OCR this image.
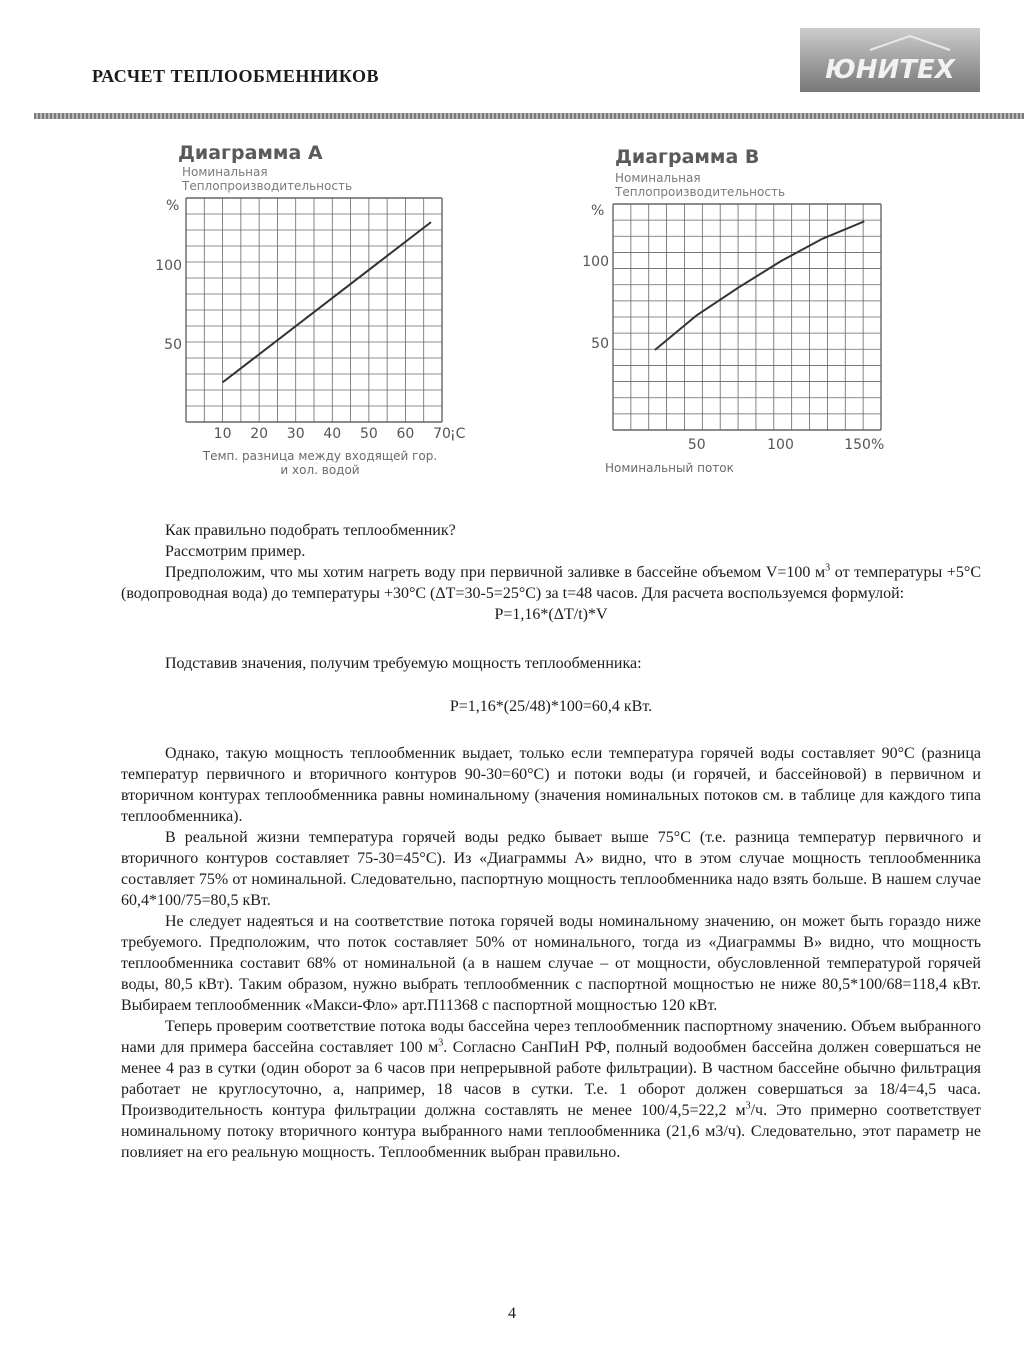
РАСЧЕТ ТЕПЛООБМЕННИКОВ	ЮНИТЕХ
Диаграмма А
Номинальная Теплопроизводительность
%
100
50
10 20 30 40 50 60 70 ¡C
Темп. разница между входящей гор. и хол. водой
Диаграмма В
Номинальная Теплопроизводительность
%
100
50
50	100	150%
Номинальный поток

Как правильно подобрать теплообменник?

Рассмотрим пример.

Предположим, что мы хотим нагреть воду при первичной заливке в бассейне объемом V=100 $м^3$ от температуры +5°С (водопроводная вода) до температуры +30°С (ΔТ=30-5=25°С) за t=48 часов. Для расчета воспользуемся формулой:

P=1,16*(ΔT/t)*V

Подставив значения, получим требуемую мощность теплообменника:

P=1,16*(25/48)*100=60,4 кВт.

Однако, такую мощность теплообменник выдает, только если температура горячей воды составляет 90°С (разница температур первичного и вторичного контуров 90-30=60°С) и потоки воды (и горячей, и бассейновой) в первичном и вторичном контурах теплообменника равны номинальному (значения номинальных потоков см. в таблице для каждого типа теплообменника).

В реальной жизни температура горячей воды редко бывает выше 75°С (т.е. разница температур первичного и вторичного контуров составляет 75-30=45°С). Из «Диаграммы А» видно, что в этом случае мощность теплообменника составляет 75% от номинальной. Следовательно, паспортную мощность теплообменника надо взять больше. В нашем случае 60,4*100/75=80,5 кВт.

Не следует надеяться и на соответствие потока горячей воды номинальному значению, он может быть гораздо ниже требуемого. Предположим, что поток составляет 50% от номинального, тогда из «Диаграммы В» видно, что мощность теплообменника составит 68% от номинальной (а в нашем случае – от мощности, обусловленной температурой горячей воды, 80,5 кВт). Таким образом, нужно выбрать теплообменник с паспортной мощностью не ниже 80,5*100/68=118,4 кВт. Выбираем теплообменник «Макси-Фло» арт.П11368 с паспортной мощностью 120 кВт.

Теперь проверим соответствие потока воды бассейна через теплообменник паспортному значению. Объем выбранного нами для примера бассейна составляет 100 $м^3$. Согласно СанПиН РФ, полный водообмен бассейна должен совершаться не менее 4 раз в сутки (один оборот за 6 часов при непрерывной работе фильтрации). В частном бассейне обычно фильтрация работает не круглосуточно, а, например, 18 часов в сутки. Т.е. 1 оборот должен совершаться за 18/4=4,5 часа. Производительность контура фильтрации должна составлять не менее 100/4,5=22,2 $м^3/ч$. Это примерно соответствует номинальному потоку вторичного контура выбранного нами теплообменника (21,6 м3/ч). Следовательно, этот параметр не повлияет на его реальную мощность. Теплообменник выбран правильно.

4
